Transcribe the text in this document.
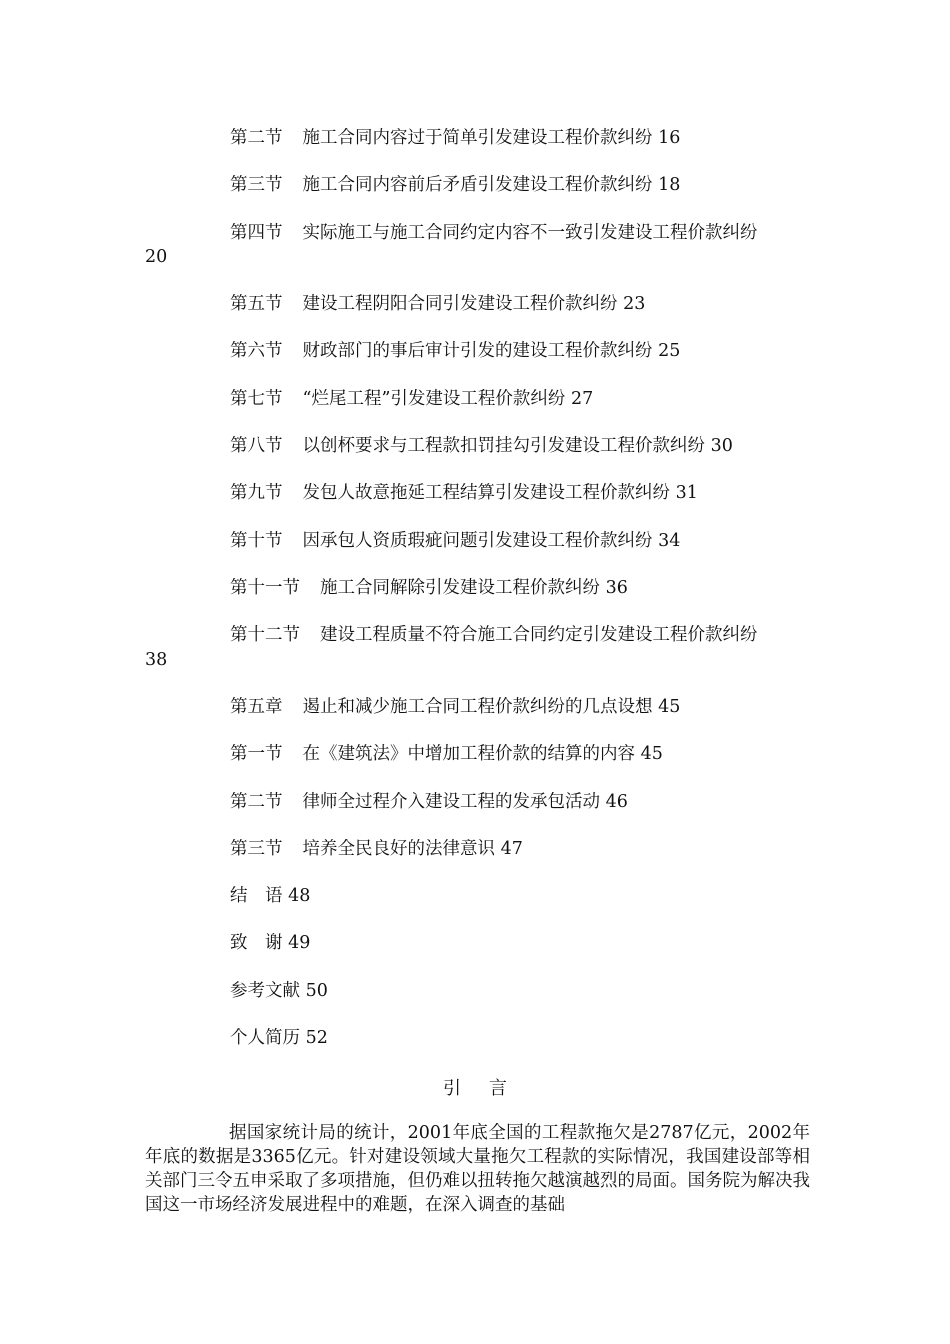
第二节 施工合同内容过于简单引发建设工程价款纠纷 16
第三节 施工合同内容前后矛盾引发建设工程价款纠纷 18
第四节 实际施工与施工合同约定内容不一致引发建设工程价款纠纷
20
第五节 建设工程阴阳合同引发建设工程价款纠纷 23
第六节 财政部门的事后审计引发的建设工程价款纠纷 25
第七节 “烂尾工程”引发建设工程价款纠纷 27
第八节 以创杯要求与工程款扣罚挂勾引发建设工程价款纠纷 30
第九节 发包人故意拖延工程结算引发建设工程价款纠纷 31
第十节 因承包人资质瑕疵问题引发建设工程价款纠纷 34
第十一节 施工合同解除引发建设工程价款纠纷 36
第十二节 建设工程质量不符合施工合同约定引发建设工程价款纠纷
38
第五章 遏止和减少施工合同工程价款纠纷的几点设想 45
第一节 在《建筑法》中增加工程价款的结算的内容 45
第二节 律师全过程介入建设工程的发承包活动 46
第三节 培养全民良好的法律意识 47
结　语 48
致　谢 49
参考文献 50
个人简历 52
引言

据国家统计局的统计，2001年底全国的工程款拖欠是2787亿元，2002年年底的数据是3365亿元。针对建设领域大量拖欠工程款的实际情况，我国建设部等相关部门三令五申采取了多项措施，但仍难以扭转拖欠越演越烈的局面。国务院为解决我国这一市场经济发展进程中的难题，在深入调查的基础
